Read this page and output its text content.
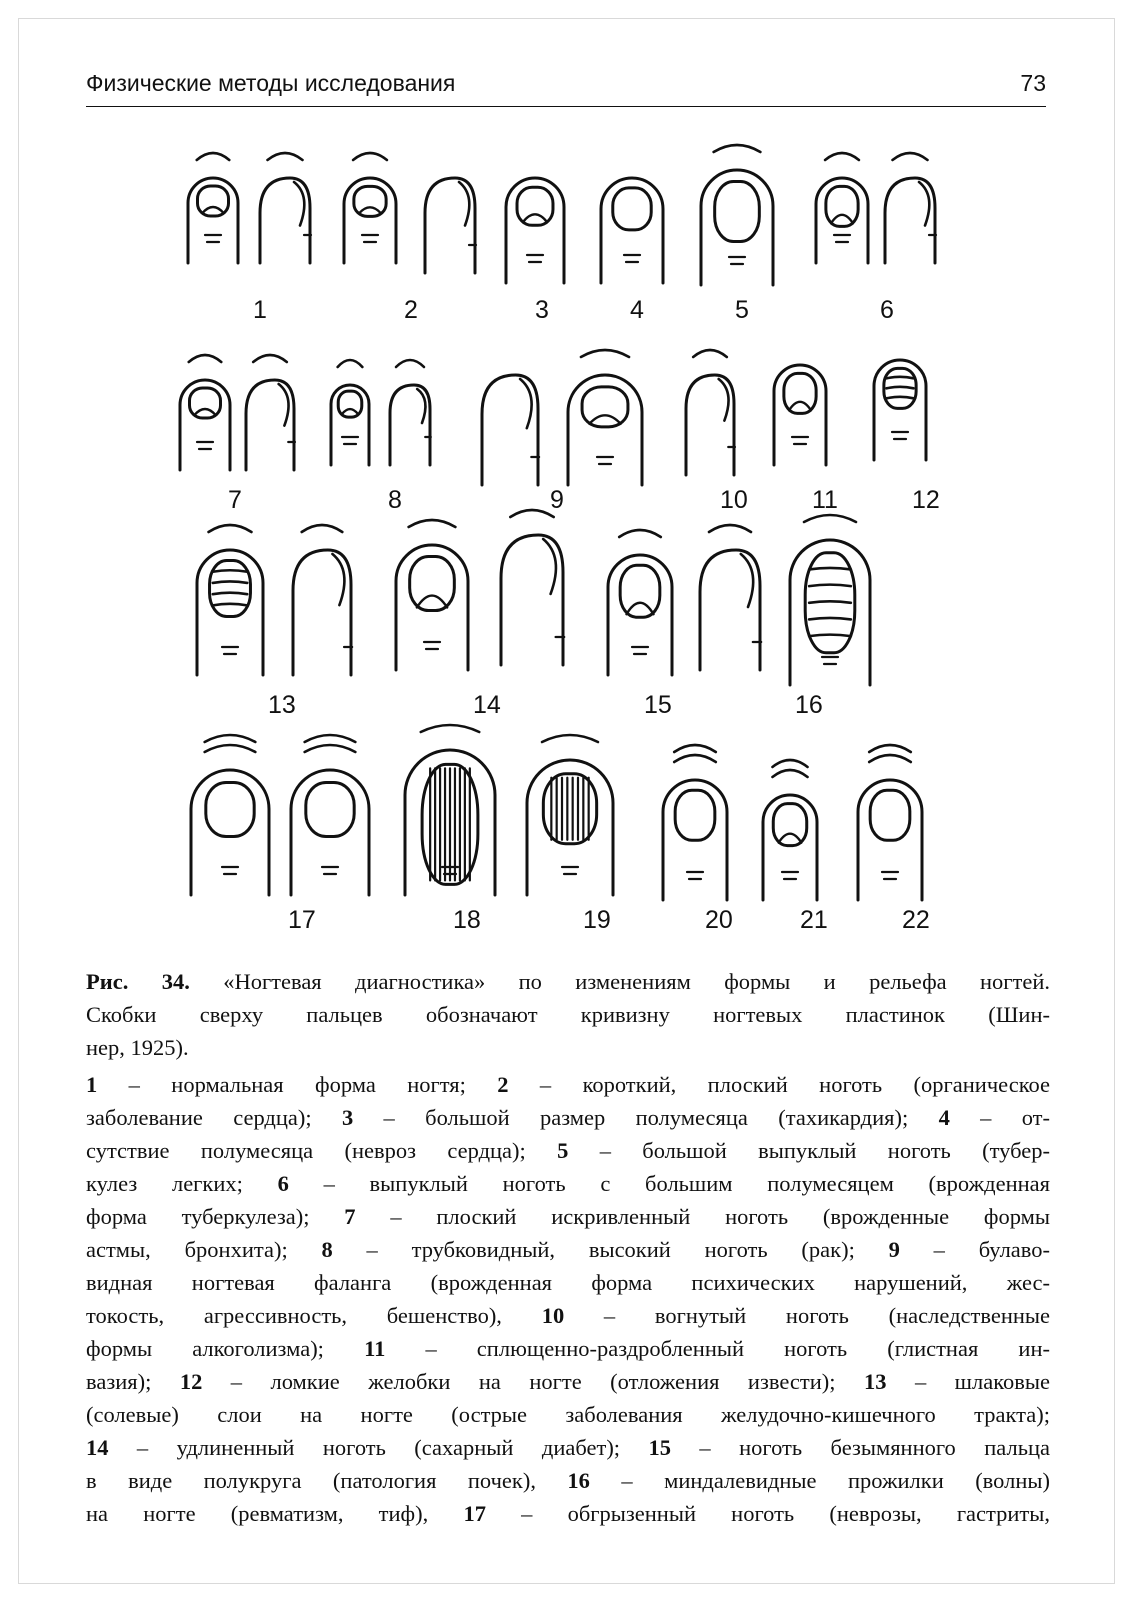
Физические методы исследования	73
1	2	3	4	5	6
7	8	9	10	11	12
13	14	15	16
17	18	19	20	21	22

Рис. 34. «Ногтевая диагностика» по изменениям формы и рельефа ногтей.
Скобки сверху пальцев обозначают кривизну ногтевых пластинок (Шин-
нер, 1925).

1 – нормальная форма ногтя; 2 – короткий, плоский ноготь (органическое
заболевание сердца); 3 – большой размер полумесяца (тахикардия); 4 – от-
сутствие полумесяца (невроз сердца); 5 – большой выпуклый ноготь (тубер-
кулез легких; 6 – выпуклый ноготь с большим полумесяцем (врожденная
форма туберкулеза); 7 – плоский искривленный ноготь (врожденные формы
астмы, бронхита); 8 – трубковидный, высокий ноготь (рак); 9 – булаво-
видная ногтевая фаланга (врожденная форма психических нарушений, жес-
токость, агрессивность, бешенство), 10 – вогнутый ноготь (наследственные
формы алкоголизма); 11 – сплющенно-раздробленный ноготь (глистная ин-
вазия); 12 – ломкие желобки на ногте (отложения извести); 13 – шлаковые
(солевые) слои на ногте (острые заболевания желудочно-кишечного тракта);
14 – удлиненный ноготь (сахарный диабет); 15 – ноготь безымянного пальца
в виде полукруга (патология почек), 16 – миндалевидные прожилки (волны)
на ногте (ревматизм, тиф), 17 – обгрызенный ноготь (неврозы, гастриты,
